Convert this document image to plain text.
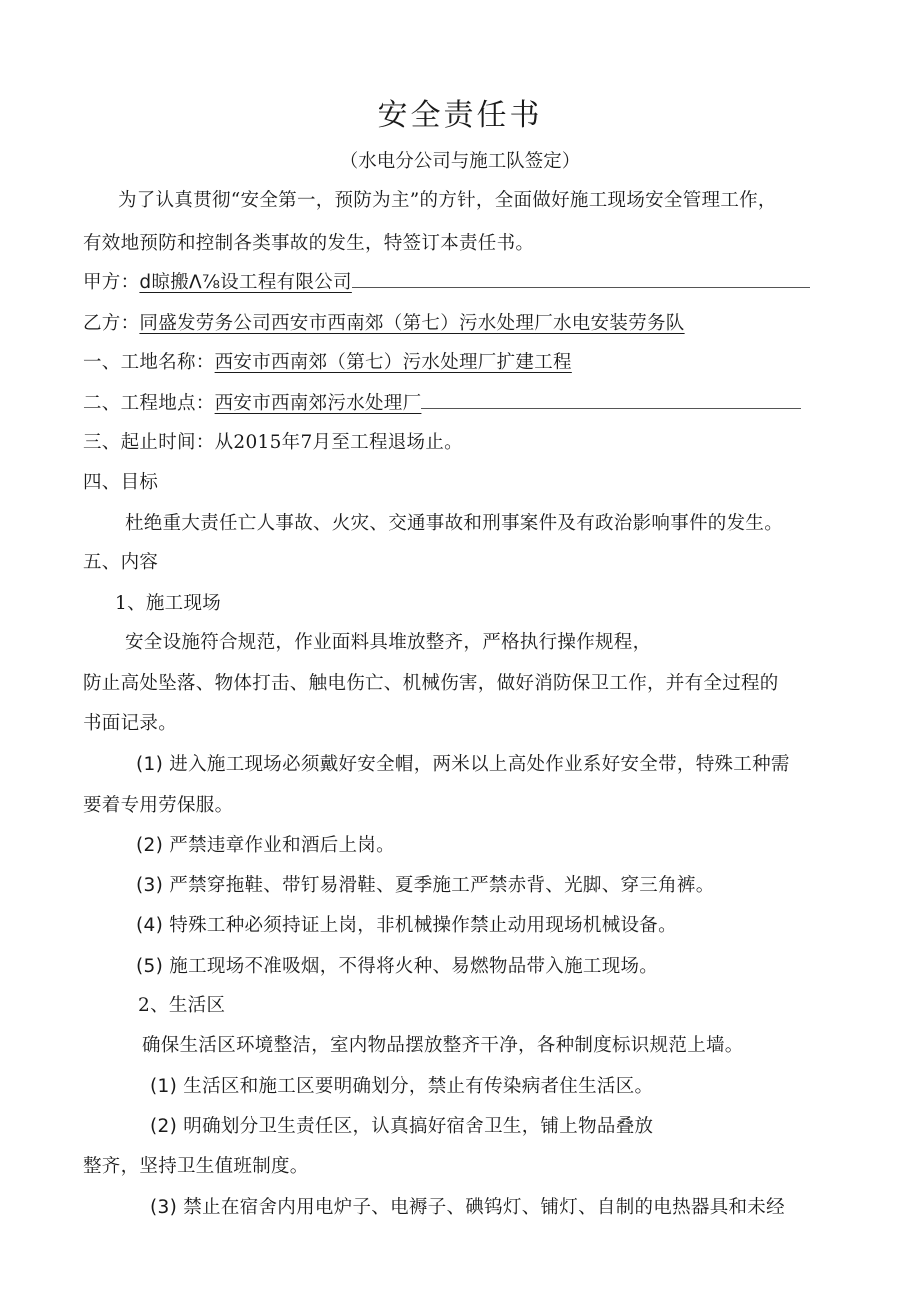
安全责任书
（水电分公司与施工队签定）
为了认真贯彻“安全第一，预防为主”的方针，全面做好施工现场安全管理工作，
有效地预防和控制各类事故的发生，特签订本责任书。
甲方：d晾搬Λ⅞设工程有限公司
乙方：同盛发劳务公司西安市西南郊（第七）污水处理厂水电安装劳务队
一、工地名称：西安市西南郊（第七）污水处理厂扩建工程
二、工程地点：西安市西南郊污水处理厂
三、起止时间：从2015年7月至工程退场止。
四、目标
杜绝重大责任亡人事故、火灾、交通事故和刑事案件及有政治影响事件的发生。
五、内容
1、施工现场
安全设施符合规范，作业面料具堆放整齐，严格执行操作规程，
防止高处坠落、物体打击、触电伤亡、机械伤害，做好消防保卫工作，并有全过程的
书面记录。
(1) 进入施工现场必须戴好安全帽，两米以上高处作业系好安全带，特殊工种需
要着专用劳保服。
(2) 严禁违章作业和酒后上岗。
(3) 严禁穿拖鞋、带钉易滑鞋、夏季施工严禁赤背、光脚、穿三角裤。
(4) 特殊工种必须持证上岗，非机械操作禁止动用现场机械设备。
(5) 施工现场不准吸烟，不得将火种、易燃物品带入施工现场。
2、生活区
确保生活区环境整洁，室内物品摆放整齐干净，各种制度标识规范上墙。
(1) 生活区和施工区要明确划分，禁止有传染病者住生活区。
(2) 明确划分卫生责任区，认真搞好宿舍卫生，铺上物品叠放
整齐，坚持卫生值班制度。
(3) 禁止在宿舍内用电炉子、电褥子、碘钨灯、铺灯、自制的电热器具和未经
